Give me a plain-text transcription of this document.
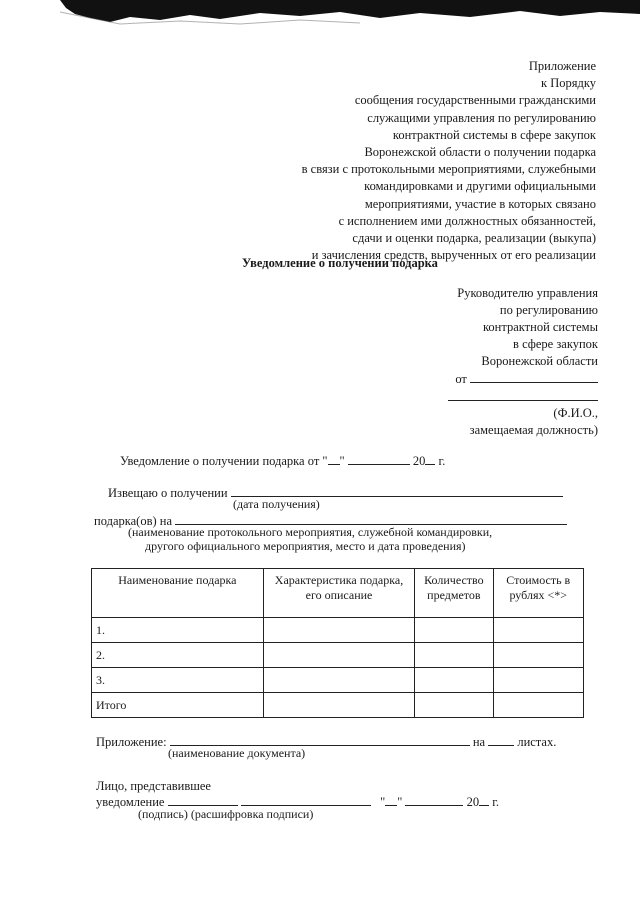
Приложение
к Порядку
сообщения государственными гражданскими
служащими управления по регулированию
контрактной системы в сфере закупок
Воронежской области о получении подарка
в связи с протокольными мероприятиями, служебными
командировками и другими официальными
мероприятиями, участие в которых связано
с исполнением ими должностных обязанностей,
сдачи и оценки подарка, реализации (выкупа)
и зачисления средств, вырученных от его реализации
Уведомление о получении подарка
Руководителю управления
по регулированию
контрактной системы
в сфере закупок
Воронежской области
от
(Ф.И.О.,
замещаемая должность)
Уведомление о получении подарка от " "	20 г.
Извещаю о получении
(дата получения)
подарка(ов) на
(наименование протокольного мероприятия, служебной командировки,
другого официального мероприятия, место и дата проведения)
Наименование подарка	Характеристика подарка, его описание	Количество предметов	Стоимость в рублях <*>
1.			
2.			
3.			
Итого			
Приложение:	на	листах.
(наименование документа)
Лицо, представившее
уведомление	" "	20 г.
(подпись) (расшифровка подписи)
